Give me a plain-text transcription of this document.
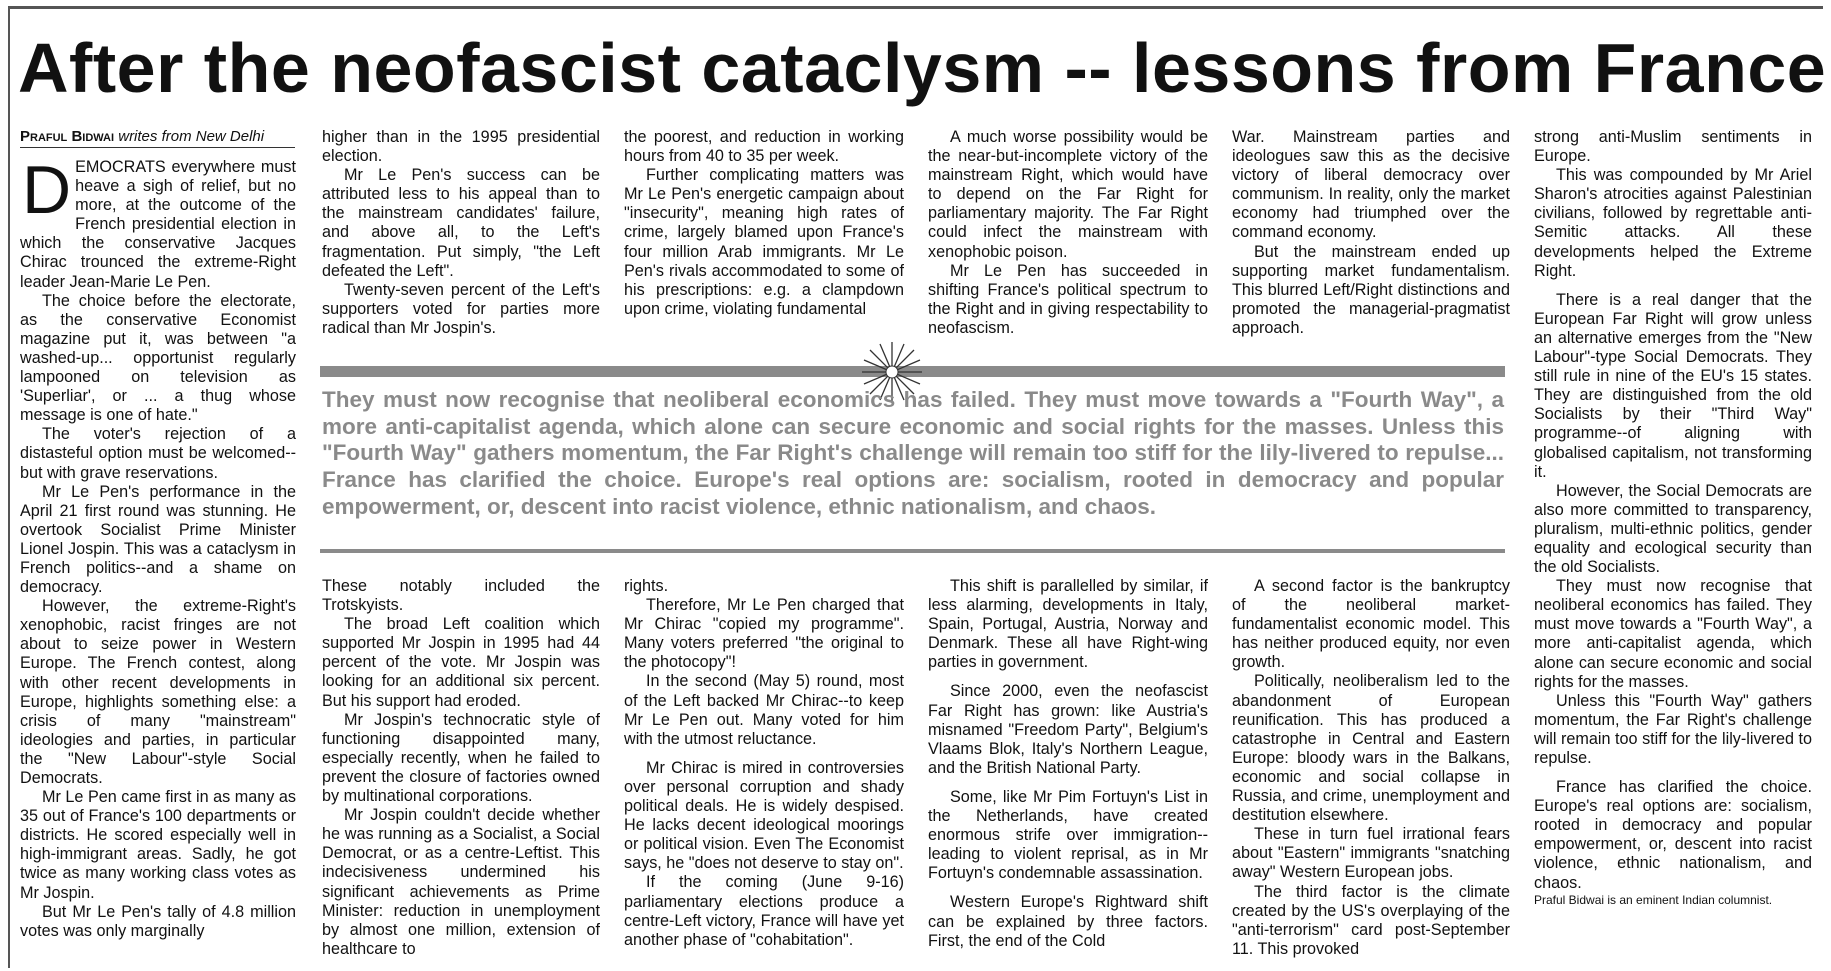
After the neofascist cataclysm -- lessons from France
Praful Bidwai writes from New Delhi

DEMOCRATS everywhere must heave a sigh of relief, but no more, at the outcome of the French presidential election in which the conservative Jacques Chirac trounced the extreme-Right leader Jean-Marie Le Pen.

The choice before the electorate, as the conservative Economist magazine put it, was between "a washed-up... opportunist regularly lampooned on television as 'Superliar', or ... a thug whose message is one of hate."

The voter's rejection of a distasteful option must be welcomed--but with grave reservations.

Mr Le Pen's performance in the April 21 first round was stunning. He overtook Socialist Prime Minister Lionel Jospin. This was a cataclysm in French politics--and a shame on democracy.

However, the extreme-Right's xenophobic, racist fringes are not about to seize power in Western Europe. The French contest, along with other recent developments in Europe, highlights something else: a crisis of many "mainstream" ideologies and parties, in particular the "New Labour"-style Social Democrats.

Mr Le Pen came first in as many as 35 out of France's 100 departments or districts. He scored especially well in high-immigrant areas. Sadly, he got twice as many working class votes as Mr Jospin.

But Mr Le Pen's tally of 4.8 million votes was only marginally

higher than in the 1995 presidential election.

Mr Le Pen's success can be attributed less to his appeal than to the mainstream candidates' failure, and above all, to the Left's fragmentation. Put simply, "the Left defeated the Left".

Twenty-seven percent of the Left's supporters voted for parties more radical than Mr Jospin's.

the poorest, and reduction in working hours from 40 to 35 per week.

Further complicating matters was Mr Le Pen's energetic campaign about "insecurity", meaning high rates of crime, largely blamed upon France's four million Arab immigrants. Mr Le Pen's rivals accommodated to some of his prescriptions: e.g. a clampdown upon crime, violating fundamental

A much worse possibility would be the near-but-incomplete victory of the mainstream Right, which would have to depend on the Far Right for parliamentary majority. The Far Right could infect the mainstream with xenophobic poison.

Mr Le Pen has succeeded in shifting France's political spectrum to the Right and in giving respectability to neofascism.

War. Mainstream parties and ideologues saw this as the decisive victory of liberal democracy over communism. In reality, only the market economy had triumphed over the command economy.

But the mainstream ended up supporting market fundamentalism. This blurred Left/Right distinctions and promoted the managerial-pragmatist approach.

They must now recognise that neoliberal economics has failed. They must move towards a "Fourth Way", a more anti-capitalist agenda, which alone can secure economic and social rights for the masses. Unless this "Fourth Way" gathers momentum, the Far Right's challenge will remain too stiff for the lily-livered to repulse... France has clarified the choice. Europe's real options are: socialism, rooted in democracy and popular empowerment, or, descent into racist violence, ethnic nationalism, and chaos.

These notably included the Trotskyists.

The broad Left coalition which supported Mr Jospin in 1995 had 44 percent of the vote. Mr Jospin was looking for an additional six percent. But his support had eroded.

Mr Jospin's technocratic style of functioning disappointed many, especially recently, when he failed to prevent the closure of factories owned by multinational corporations.

Mr Jospin couldn't decide whether he was running as a Socialist, a Social Democrat, or as a centre-Leftist. This indecisiveness undermined his significant achievements as Prime Minister: reduction in unemployment by almost one million, extension of healthcare to

rights.

Therefore, Mr Le Pen charged that Mr Chirac "copied my programme". Many voters preferred "the original to the photocopy"!

In the second (May 5) round, most of the Left backed Mr Chirac--to keep Mr Le Pen out. Many voted for him with the utmost reluctance.

Mr Chirac is mired in controversies over personal corruption and shady political deals. He is widely despised. He lacks decent ideological moorings or political vision. Even The Economist says, he "does not deserve to stay on".

If the coming (June 9-16) parliamentary elections produce a centre-Left victory, France will have yet another phase of "cohabitation".

This shift is parallelled by similar, if less alarming, developments in Italy, Spain, Portugal, Austria, Norway and Denmark. These all have Right-wing parties in government.

Since 2000, even the neofascist Far Right has grown: like Austria's misnamed "Freedom Party", Belgium's Vlaams Blok, Italy's Northern League, and the British National Party.

Some, like Mr Pim Fortuyn's List in the Netherlands, have created enormous strife over immigration--leading to violent reprisal, as in Mr Fortuyn's condemnable assassination.

Western Europe's Rightward shift can be explained by three factors. First, the end of the Cold

A second factor is the bankruptcy of the neoliberal market-fundamentalist economic model. This has neither produced equity, nor even growth.

Politically, neoliberalism led to the abandonment of European reunification. This has produced a catastrophe in Central and Eastern Europe: bloody wars in the Balkans, economic and social collapse in Russia, and crime, unemployment and destitution elsewhere.

These in turn fuel irrational fears about "Eastern" immigrants "snatching away" Western European jobs.

The third factor is the climate created by the US's overplaying of the "anti-terrorism" card post-September 11. This provoked

strong anti-Muslim sentiments in Europe.

This was compounded by Mr Ariel Sharon's atrocities against Palestinian civilians, followed by regrettable anti-Semitic attacks. All these developments helped the Extreme Right.

There is a real danger that the European Far Right will grow unless an alternative emerges from the "New Labour"-type Social Democrats. They still rule in nine of the EU's 15 states. They are distinguished from the old Socialists by their "Third Way" programme--of aligning with globalised capitalism, not transforming it.

However, the Social Democrats are also more committed to transparency, pluralism, multi-ethnic politics, gender equality and ecological security than the old Socialists.

They must now recognise that neoliberal economics has failed. They must move towards a "Fourth Way", a more anti-capitalist agenda, which alone can secure economic and social rights for the masses.

Unless this "Fourth Way" gathers momentum, the Far Right's challenge will remain too stiff for the lily-livered to repulse.

France has clarified the choice. Europe's real options are: socialism, rooted in democracy and popular empowerment, or, descent into racist violence, ethnic nationalism, and chaos.

Praful Bidwai is an eminent Indian columnist.
